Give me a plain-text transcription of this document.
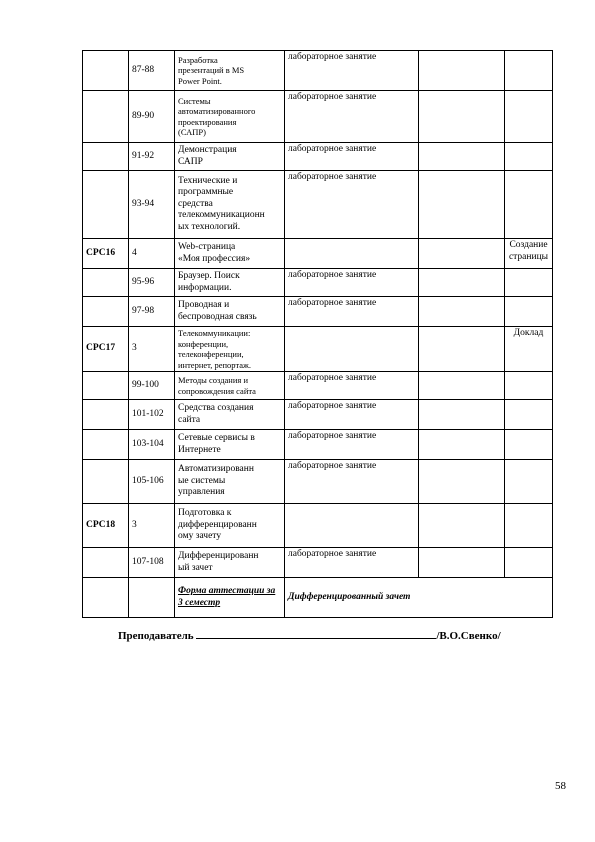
	87-88	Разработка
презентаций в MS
Power Point.	лабораторное занятие		
	89-90	Системы
автоматизированного
проектирования
(САПР)	лабораторное занятие		
	91-92	Демонстрация
САПР	лабораторное занятие		
	93-94	Технические и
программные
средства
телекоммуникационн
ых технологий.	лабораторное занятие		
СРС16	4	Web-страница
«Моя профессия»			Создание страницы
	95-96	Браузер. Поиск
информации.	лабораторное занятие		
	97-98	Проводная и
беспроводная связь	лабораторное занятие		
СРС17	3	Телекоммуникации:
конференции,
телеконференции,
интернет, репортаж.			Доклад
	99-100	Методы создания и
сопровождения сайта	лабораторное занятие		
	101-102	Средства создания
сайта	лабораторное занятие		
	103-104	Сетевые сервисы в
Интернете	лабораторное занятие		
	105-106	Автоматизированн
ые системы
управления	лабораторное занятие		
СРС18	3	Подготовка к
дифференцированн
ому зачету			

	107-108	Дифференцированн
ый зачет	лабораторное занятие		
		Форма аттестации за 3 семестр	Дифференцированный зачет		
Преподаватель	/В.О.Свенко/
58
